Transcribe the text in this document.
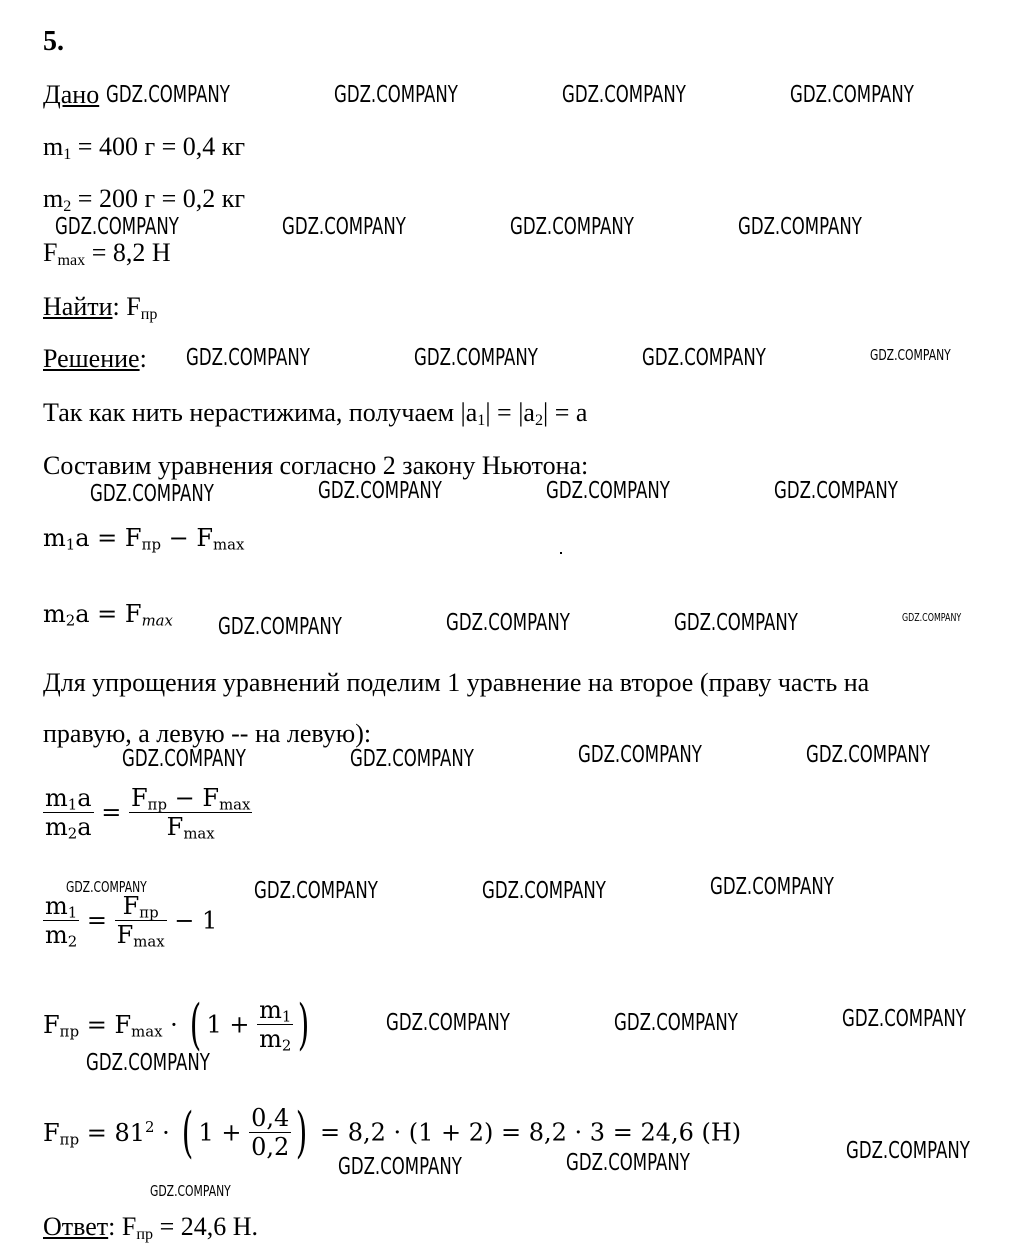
5.
Дано
$m_1 = 400$ г = 0,4 кг
$m_2 = 200$ г = 0,2 кг
$F_{max} = 8,2$ Н
Найти: $F_{пр}$
Решение:
Так как нить нерастижима, получаем $|a_1| = |a_2| = a$
Составим уравнения согласно 2 закону Ньютона:
$m_1a = F_{пр} - F_{max}$
$m_2a = F_{max}$
Для упрощения уравнений поделим 1 уравнение на второе (праву часть на
правую, а левую -- на левую):
$\frac{m_1a}{m_2a} = \frac{F_{пр} - F_{max}}{F_{max}}$
$\frac{m_1}{m_2} = \frac{F_{пр}}{F_{max}} - 1$
$F_{пр} = F_{max}$ · ( $1 + \frac{m_1}{m_2}$ )
$F_{пр} = 81^2$ · ( $1 + \frac{0,4}{0,2}$ ) = 8,2 · (1 + 2) = 8,2 · 3 = 24,6 (Н)
Ответ: $F_{пр} = 24,6$ Н.
GDZ.COMPANY	GDZ.COMPANY	GDZ.COMPANY	GDZ.COMPANY
GDZ.COMPANY	GDZ.COMPANY	GDZ.COMPANY	GDZ.COMPANY
GDZ.COMPANY	GDZ.COMPANY	GDZ.COMPANY	GDZ.COMPANY
GDZ.COMPANY	GDZ.COMPANY	GDZ.COMPANY	GDZ.COMPANY
GDZ.COMPANY	GDZ.COMPANY	GDZ.COMPANY	GDZ.COMPANY
GDZ.COMPANY	GDZ.COMPANY	GDZ.COMPANY	GDZ.COMPANY
GDZ.COMPANY	GDZ.COMPANY	GDZ.COMPANY	GDZ.COMPANY
GDZ.COMPANY	GDZ.COMPANY	GDZ.COMPANY
GDZ.COMPANY
GDZ.COMPANY	GDZ.COMPANY	GDZ.COMPANY
GDZ.COMPANY
